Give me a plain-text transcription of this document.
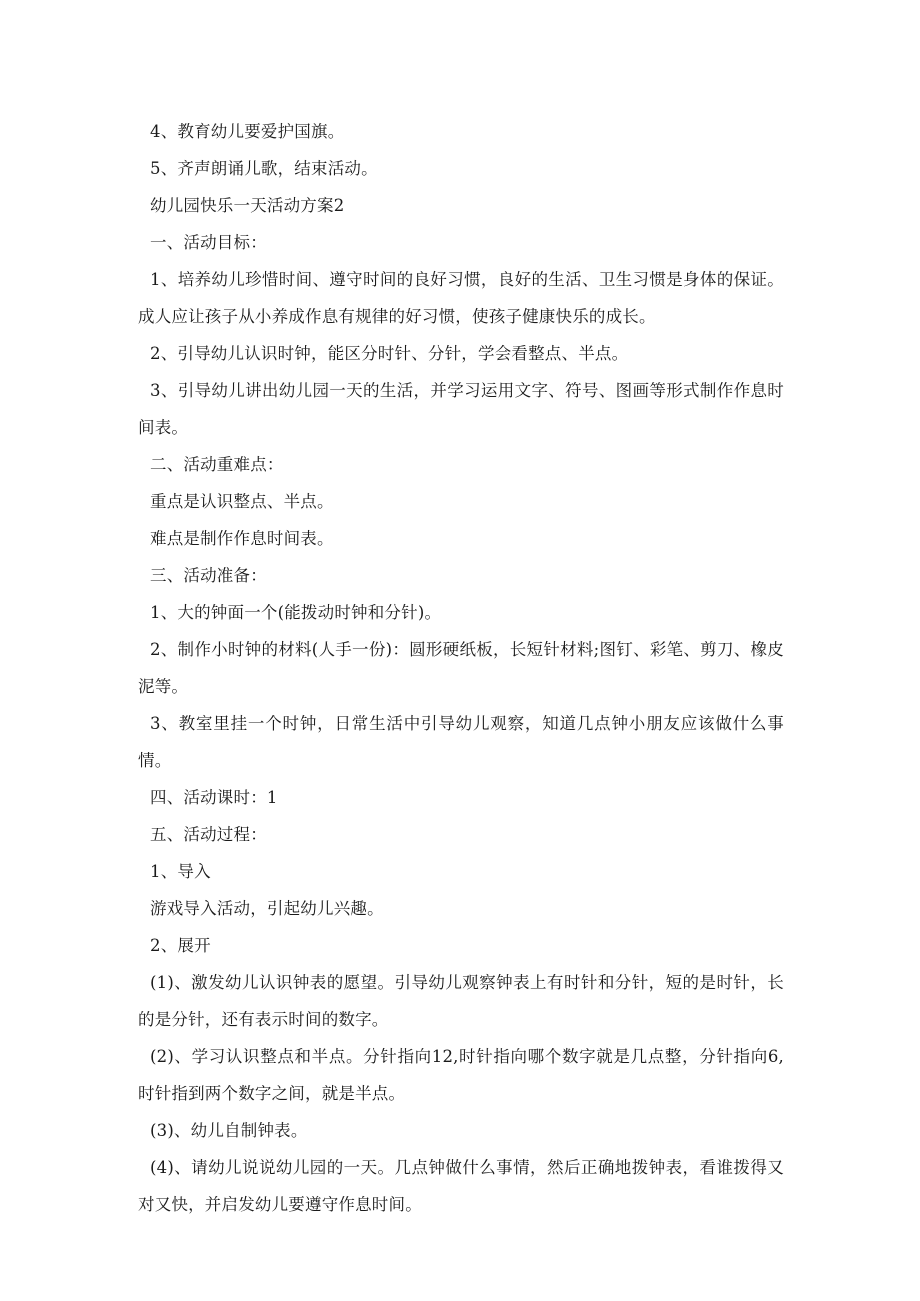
4、教育幼儿要爱护国旗。

5、齐声朗诵儿歌，结束活动。

幼儿园快乐一天活动方案2

一、活动目标：

1、培养幼儿珍惜时间、遵守时间的良好习惯，良好的生活、卫生习惯是身体的保证。成人应让孩子从小养成作息有规律的好习惯，使孩子健康快乐的成长。

2、引导幼儿认识时钟，能区分时针、分针，学会看整点、半点。

3、引导幼儿讲出幼儿园一天的生活，并学习运用文字、符号、图画等形式制作作息时间表。

二、活动重难点：

重点是认识整点、半点。

难点是制作作息时间表。

三、活动准备：

1、大的钟面一个(能拨动时钟和分针)。

2、制作小时钟的材料(人手一份)：圆形硬纸板，长短针材料;图钉、彩笔、剪刀、橡皮泥等。

3、教室里挂一个时钟，日常生活中引导幼儿观察，知道几点钟小朋友应该做什么事情。

四、活动课时：1

五、活动过程：

1、导入

游戏导入活动，引起幼儿兴趣。

2、展开

(1)、激发幼儿认识钟表的愿望。引导幼儿观察钟表上有时针和分针，短的是时针，长的是分针，还有表示时间的数字。

(2)、学习认识整点和半点。分针指向12,时针指向哪个数字就是几点整，分针指向6,时针指到两个数字之间，就是半点。

(3)、幼儿自制钟表。

(4)、请幼儿说说幼儿园的一天。几点钟做什么事情，然后正确地拨钟表，看谁拨得又对又快，并启发幼儿要遵守作息时间。
